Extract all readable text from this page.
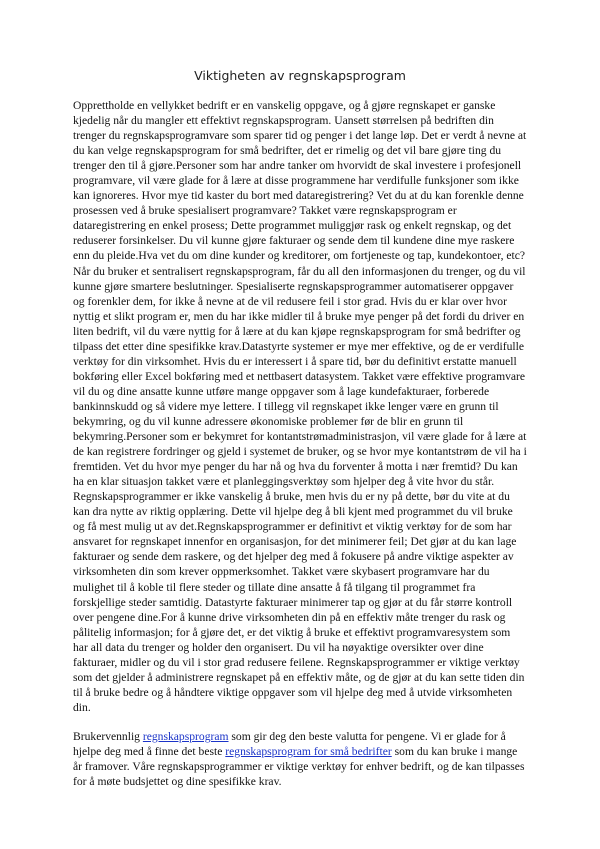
Viktigheten av regnskapsprogram

Opprettholde en vellykket bedrift er en vanskelig oppgave, og å gjøre regnskapet er ganske kjedelig når du mangler ett effektivt regnskapsprogram. Uansett størrelsen på bedriften din trenger du regnskapsprogramvare som sparer tid og penger i det lange løp. Det er verdt å nevne at du kan velge regnskapsprogram for små bedrifter, det er rimelig og det vil bare gjøre ting du trenger den til å gjøre.Personer som har andre tanker om hvorvidt de skal investere i profesjonell programvare, vil være glade for å lære at disse programmene har verdifulle funksjoner som ikke kan ignoreres. Hvor mye tid kaster du bort med dataregistrering? Vet du at du kan forenkle denne prosessen ved å bruke spesialisert programvare? Takket være regnskapsprogram er dataregistrering en enkel prosess; Dette programmet muliggjør rask og enkelt regnskap, og det reduserer forsinkelser. Du vil kunne gjøre fakturaer og sende dem til kundene dine mye raskere enn du pleide.Hva vet du om dine kunder og kreditorer, om fortjeneste og tap, kundekontoer, etc? Når du bruker et sentralisert regnskapsprogram, får du all den informasjonen du trenger, og du vil kunne gjøre smartere beslutninger. Spesialiserte regnskapsprogrammer automatiserer oppgaver og forenkler dem, for ikke å nevne at de vil redusere feil i stor grad. Hvis du er klar over hvor nyttig et slikt program er, men du har ikke midler til å bruke mye penger på det fordi du driver en liten bedrift, vil du være nyttig for å lære at du kan kjøpe regnskapsprogram for små bedrifter og tilpass det etter dine spesifikke krav.Datastyrte systemer er mye mer effektive, og de er verdifulle verktøy for din virksomhet. Hvis du er interessert i å spare tid, bør du definitivt erstatte manuell bokføring eller Excel bokføring med et nettbasert datasystem. Takket være effektive programvare vil du og dine ansatte kunne utføre mange oppgaver som å lage kundefakturaer, forberede bankinnskudd og så videre mye lettere. I tillegg vil regnskapet ikke lenger være en grunn til bekymring, og du vil kunne adressere økonomiske problemer før de blir en grunn til bekymring.Personer som er bekymret for kontantstrømadministrasjon, vil være glade for å lære at de kan registrere fordringer og gjeld i systemet de bruker, og se hvor mye kontantstrøm de vil ha i fremtiden. Vet du hvor mye penger du har nå og hva du forventer å motta i nær fremtid? Du kan ha en klar situasjon takket være et planleggingsverktøy som hjelper deg å vite hvor du står. Regnskapsprogrammer er ikke vanskelig å bruke, men hvis du er ny på dette, bør du vite at du kan dra nytte av riktig opplæring. Dette vil hjelpe deg å bli kjent med programmet du vil bruke og få mest mulig ut av det.Regnskapsprogrammer er definitivt et viktig verktøy for de som har ansvaret for regnskapet innenfor en organisasjon, for det minimerer feil; Det gjør at du kan lage fakturaer og sende dem raskere, og det hjelper deg med å fokusere på andre viktige aspekter av virksomheten din som krever oppmerksomhet. Takket være skybasert programvare har du mulighet til å koble til flere steder og tillate dine ansatte å få tilgang til programmet fra forskjellige steder samtidig. Datastyrte fakturaer minimerer tap og gjør at du får større kontroll over pengene dine.For å kunne drive virksomheten din på en effektiv måte trenger du rask og pålitelig informasjon; for å gjøre det, er det viktig å bruke et effektivt programvaresystem som har all data du trenger og holder den organisert. Du vil ha nøyaktige oversikter over dine fakturaer, midler og du vil i stor grad redusere feilene. Regnskapsprogrammer er viktige verktøy som det gjelder å administrere regnskapet på en effektiv måte, og de gjør at du kan sette tiden din til å bruke bedre og å håndtere viktige oppgaver som vil hjelpe deg med å utvide virksomheten din.

Brukervennlig regnskapsprogram som gir deg den beste valutta for pengene. Vi er glade for å hjelpe deg med å finne det beste regnskapsprogram for små bedrifter som du kan bruke i mange år framover. Våre regnskapsprogrammer er viktige verktøy for enhver bedrift, og de kan tilpasses for å møte budsjettet og dine spesifikke krav.
